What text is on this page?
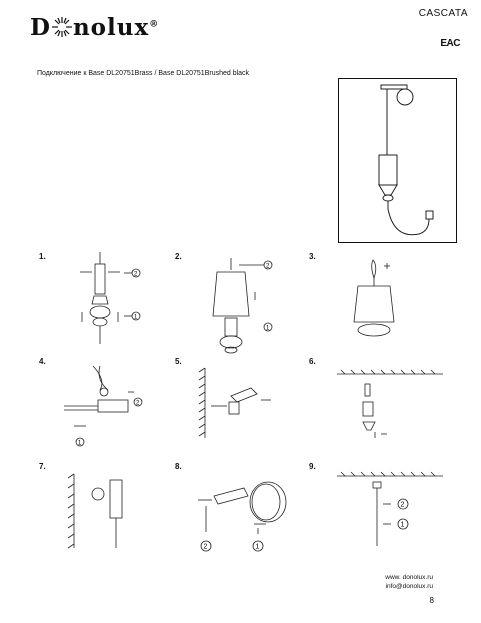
D nolux®
CASCATA
EAC
Подключение к Base DL20751Brass / Base DL20751Brushed black
1.	2.	3.
4.	5.	6.
7.	8.	9.
2
1
2
1
2
1
2	1
2
1
www. donolux.ru
info@donolux.ru
8
